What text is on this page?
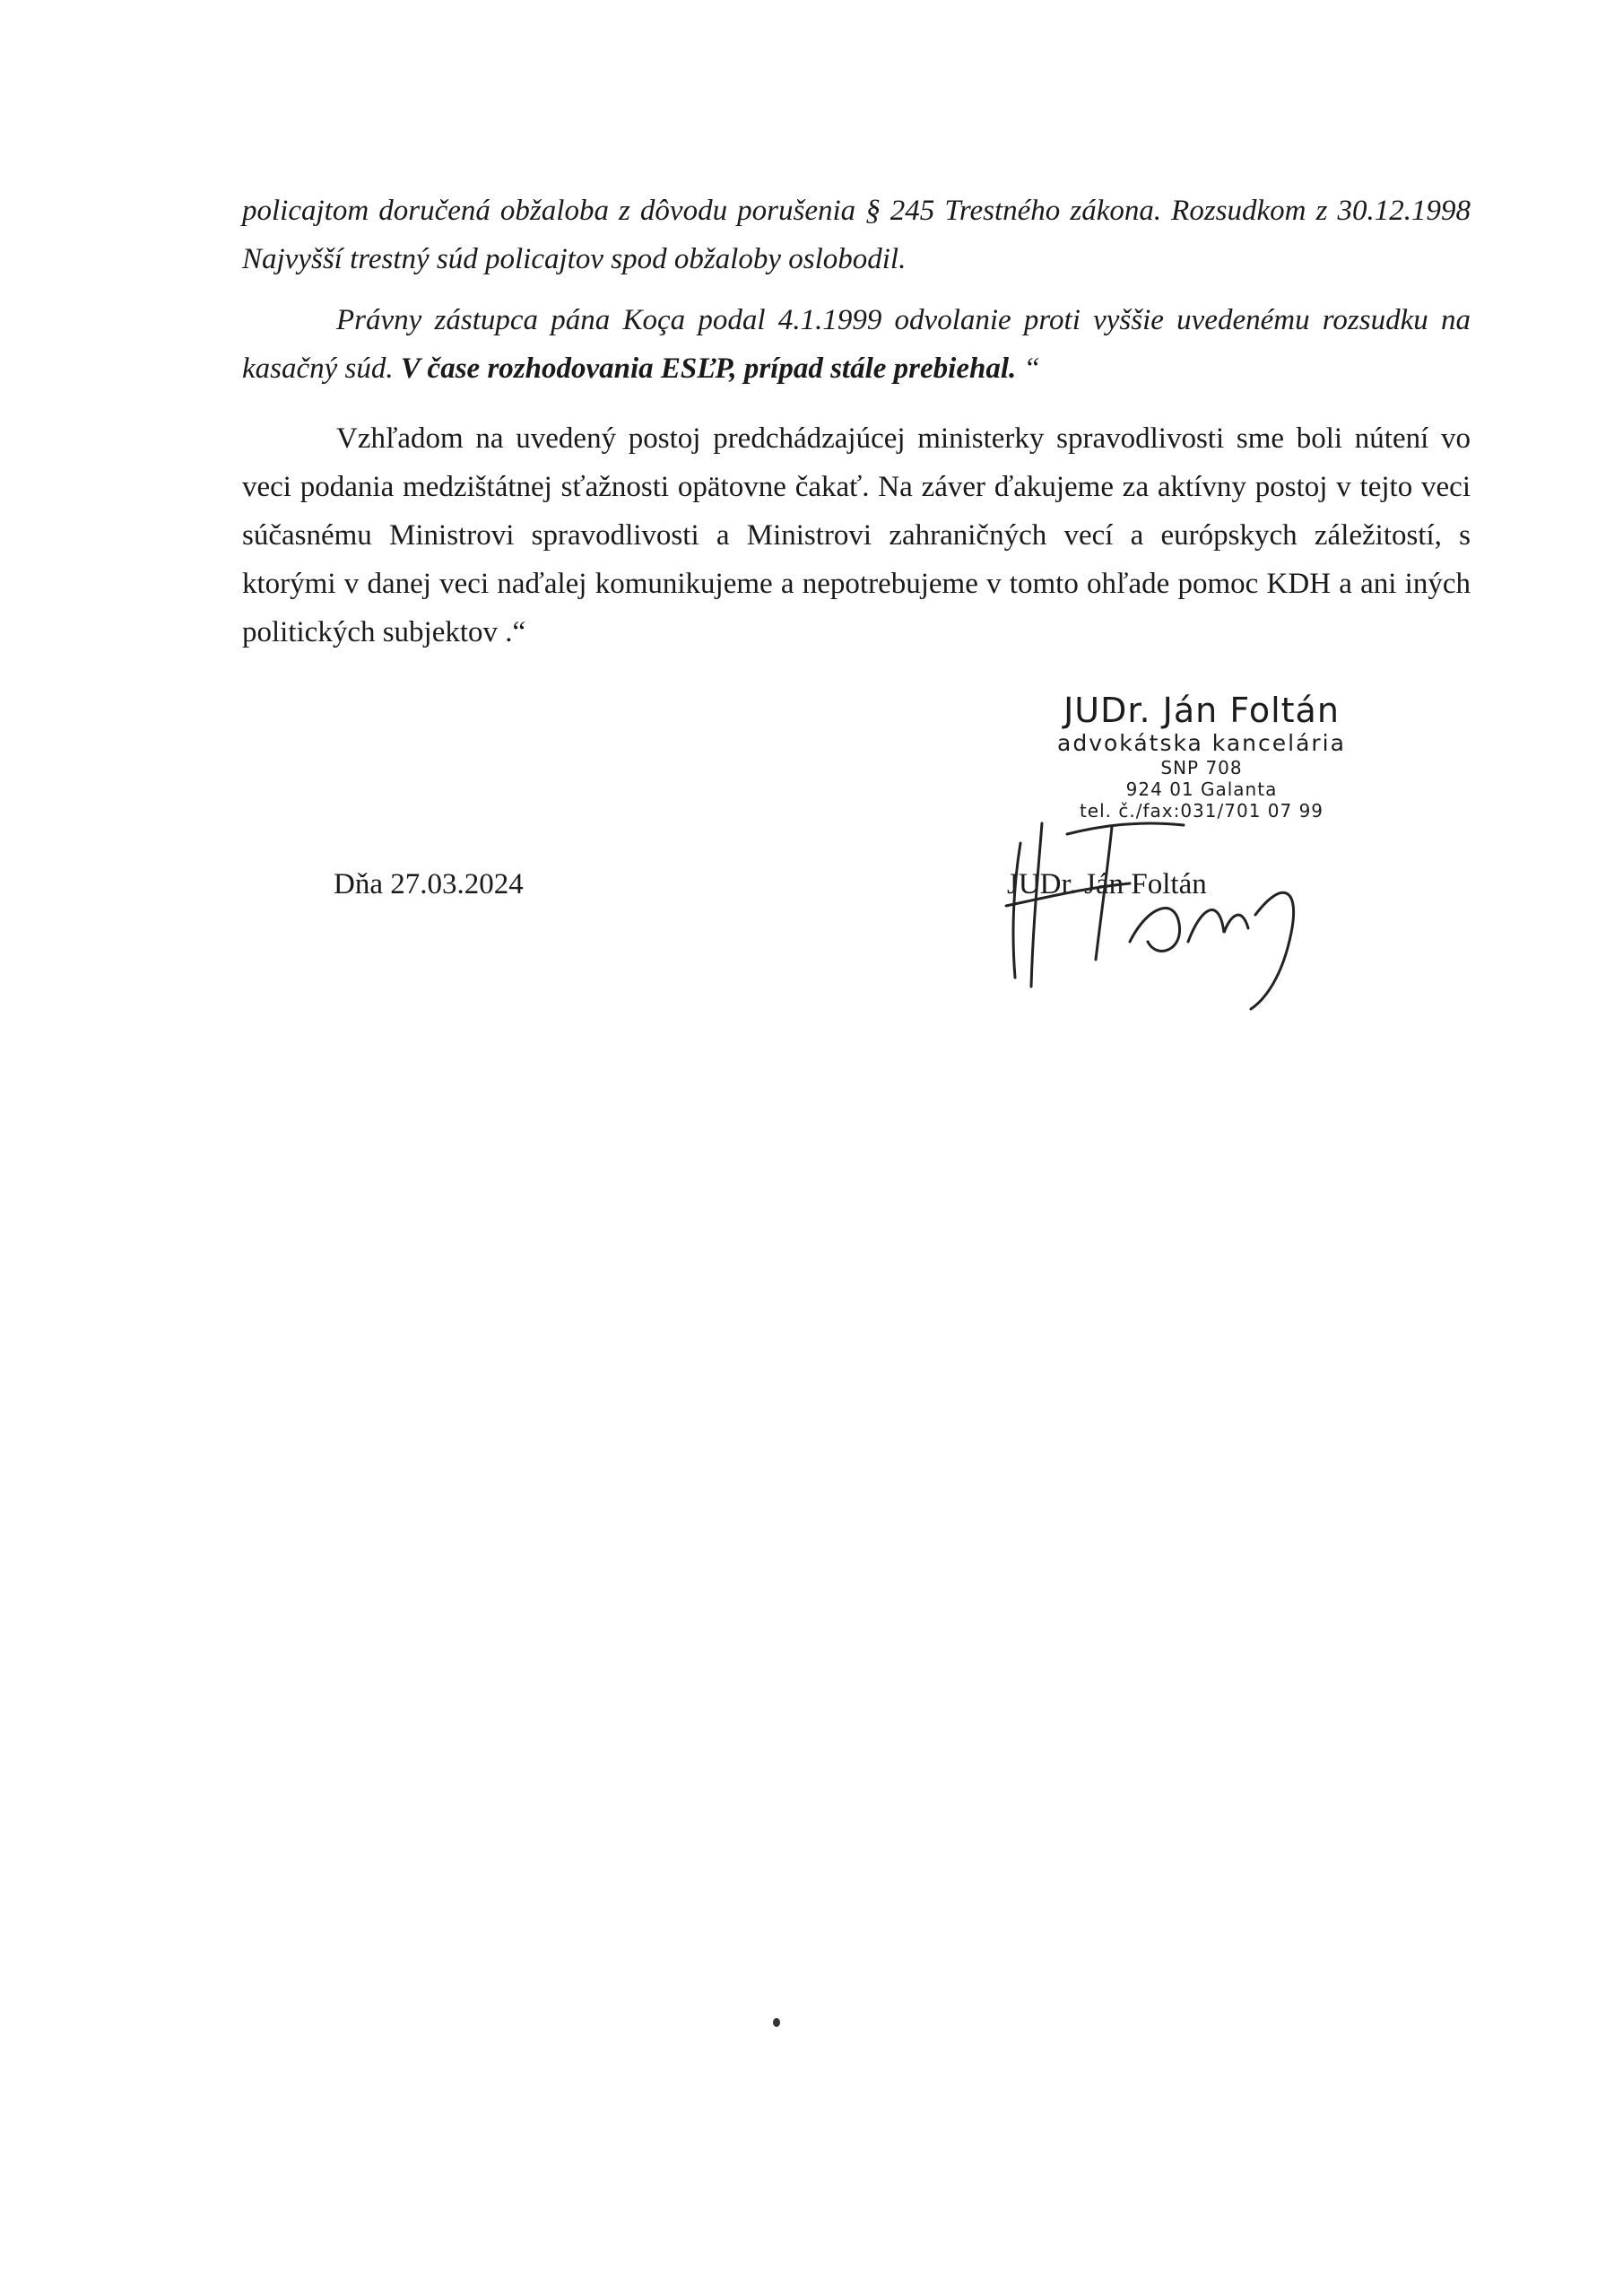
policajtom doručená obžaloba z dôvodu porušenia § 245 Trestného zákona. Rozsudkom z 30.12.1998 Najvyšší trestný súd policajtov spod obžaloby oslobodil.
Právny zástupca pána Koça podal 4.1.1999 odvolanie proti vyššie uvedenému rozsudku na kasačný súd. V čase rozhodovania ESĽP, prípad stále prebiehal. “
Vzhľadom na uvedený postoj predchádzajúcej ministerky spravodlivosti sme boli nútení vo veci podania medzištátnej sťažnosti opätovne čakať. Na záver ďakujeme za aktívny postoj v tejto veci súčasnému Ministrovi spravodlivosti a Ministrovi zahraničných vecí a európskych záležitostí, s ktorými v danej veci naďalej komunikujeme a nepotrebujeme v tomto ohľade pomoc KDH a ani iných politických subjektov .“
JUDr. Ján Foltán
advokátska kancelária
SNP 708
924 01 Galanta
tel. č./fax:031/701 07 99
Dňa 27.03.2024	JUDr. Ján Foltán
